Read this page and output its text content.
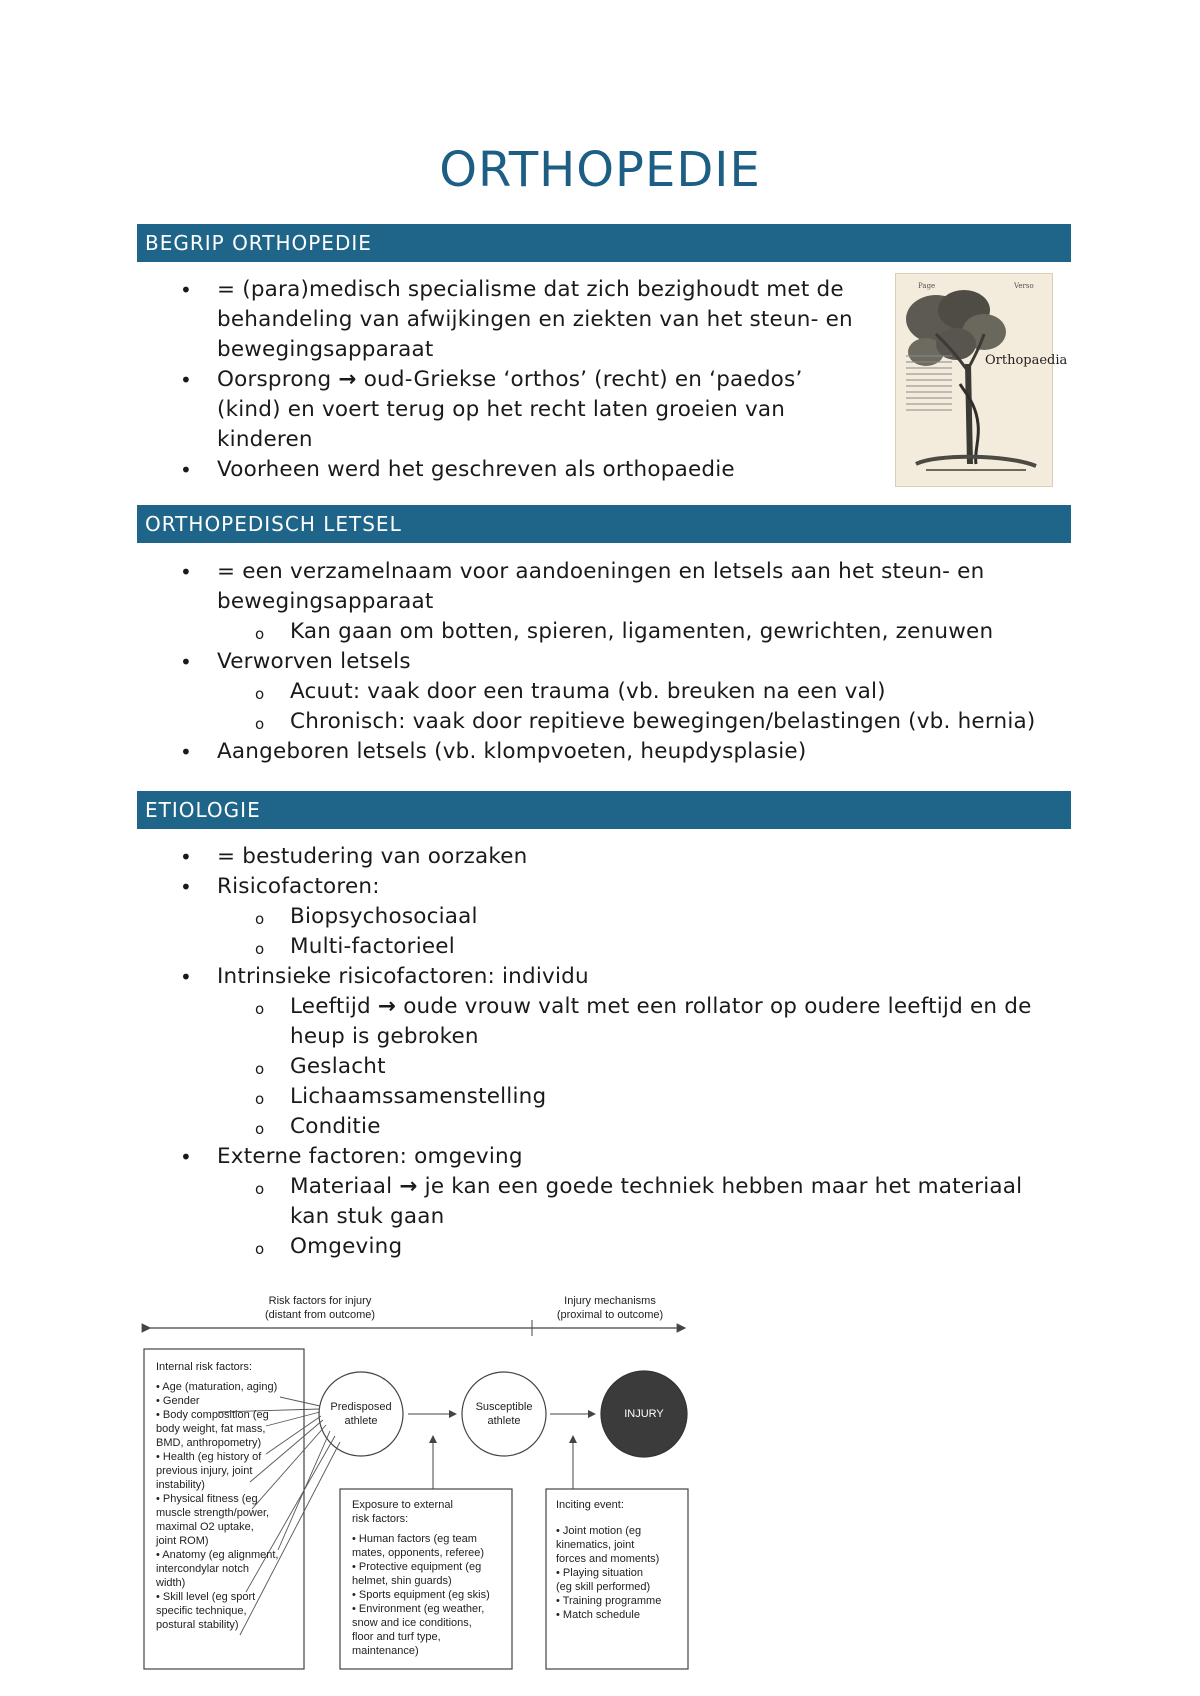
ORTHOPEDIE
BEGRIP ORTHOPEDIE
• = (para)medisch specialisme dat zich bezighoudt met de
behandeling van afwijkingen en ziekten van het steun- en
bewegingsapparaat
• Oorsprong → oud-Griekse ‘orthos’ (recht) en ‘paedos’
(kind) en voert terug op het recht laten groeien van
kinderen
• Voorheen werd het geschreven als orthopaedie
Page	Verso
Orthopaedia
ORTHOPEDISCH LETSEL
• = een verzamelnaam voor aandoeningen en letsels aan het steun- en
bewegingsapparaat
o Kan gaan om botten, spieren, ligamenten, gewrichten, zenuwen
• Verworven letsels
o Acuut: vaak door een trauma (vb. breuken na een val)
o Chronisch: vaak door repitieve bewegingen/belastingen (vb. hernia)
• Aangeboren letsels (vb. klompvoeten, heupdysplasie)
ETIOLOGIE
• = bestudering van oorzaken
• Risicofactoren:
o Biopsychosociaal
o Multi-factorieel
• Intrinsieke risicofactoren: individu
o Leeftijd → oude vrouw valt met een rollator op oudere leeftijd en de
heup is gebroken
o Geslacht
o Lichaamssamenstelling
o Conditie
• Externe factoren: omgeving
o Materiaal → je kan een goede techniek hebben maar het materiaal
kan stuk gaan
o Omgeving
Risk factors for injury
(distant from outcome)
Injury mechanisms
(proximal to outcome)
Internal risk factors:
• Age (maturation, aging)
• Gender
• Body composition (eg
body weight, fat mass,
BMD, anthropometry)
• Health (eg history of
previous injury, joint
instability)
• Physical fitness (eg
muscle strength/power,
maximal O2 uptake,
joint ROM)
• Anatomy (eg alignment,
intercondylar notch
width)
• Skill level (eg sport
specific technique,
postural stability)
Predisposed
athlete
Susceptible
athlete
INJURY
Exposure to external
risk factors:
• Human factors (eg team
mates, opponents, referee)
• Protective equipment (eg
helmet, shin guards)
• Sports equipment (eg skis)
• Environment (eg weather,
snow and ice conditions,
floor and turf type,
maintenance)
Inciting event:
• Joint motion (eg
kinematics, joint
forces and moments)
• Playing situation
(eg skill performed)
• Training programme
• Match schedule
